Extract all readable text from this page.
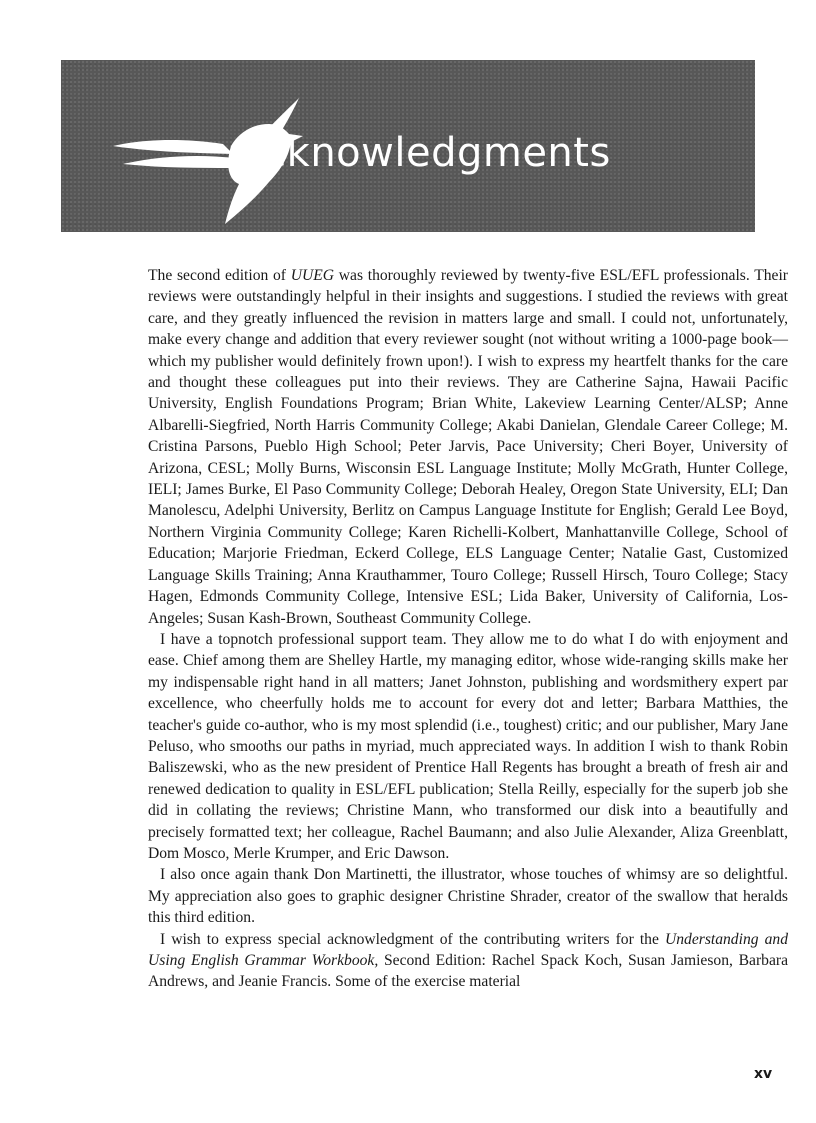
Acknowledgments

The second edition of UUEG was thoroughly reviewed by twenty-five ESL/EFL professionals. Their reviews were outstandingly helpful in their insights and suggestions. I studied the reviews with great care, and they greatly influenced the revision in matters large and small. I could not, unfortunately, make every change and addition that every reviewer sought (not without writing a 1000-page book—which my publisher would definitely frown upon!). I wish to express my heartfelt thanks for the care and thought these colleagues put into their reviews. They are Catherine Sajna, Hawaii Pacific University, English Foundations Program; Brian White, Lakeview Learning Center/ALSP; Anne Albarelli-Siegfried, North Harris Community College; Akabi Danielan, Glendale Career College; M. Cristina Parsons, Pueblo High School; Peter Jarvis, Pace University; Cheri Boyer, University of Arizona, CESL; Molly Burns, Wisconsin ESL Language Institute; Molly McGrath, Hunter College, IELI; James Burke, El Paso Community College; Deborah Healey, Oregon State University, ELI; Dan Manolescu, Adelphi University, Berlitz on Campus Language Institute for English; Gerald Lee Boyd, Northern Virginia Community College; Karen Richelli-Kolbert, Manhattanville College, School of Education; Marjorie Friedman, Eckerd College, ELS Language Center; Natalie Gast, Customized Language Skills Training; Anna Krauthammer, Touro College; Russell Hirsch, Touro College; Stacy Hagen, Edmonds Community College, Intensive ESL; Lida Baker, University of California, Los-Angeles; Susan Kash-Brown, Southeast Community College.

I have a topnotch professional support team. They allow me to do what I do with enjoyment and ease. Chief among them are Shelley Hartle, my managing editor, whose wide-ranging skills make her my indispensable right hand in all matters; Janet Johnston, publishing and wordsmithery expert par excellence, who cheerfully holds me to account for every dot and letter; Barbara Matthies, the teacher's guide co-author, who is my most splendid (i.e., toughest) critic; and our publisher, Mary Jane Peluso, who smooths our paths in myriad, much appreciated ways. In addition I wish to thank Robin Baliszewski, who as the new president of Prentice Hall Regents has brought a breath of fresh air and renewed dedication to quality in ESL/EFL publication; Stella Reilly, especially for the superb job she did in collating the reviews; Christine Mann, who transformed our disk into a beautifully and precisely formatted text; her colleague, Rachel Baumann; and also Julie Alexander, Aliza Greenblatt, Dom Mosco, Merle Krumper, and Eric Dawson.

I also once again thank Don Martinetti, the illustrator, whose touches of whimsy are so delightful. My appreciation also goes to graphic designer Christine Shrader, creator of the swallow that heralds this third edition.

I wish to express special acknowledgment of the contributing writers for the Understanding and Using English Grammar Workbook, Second Edition: Rachel Spack Koch, Susan Jamieson, Barbara Andrews, and Jeanie Francis. Some of the exercise material

xv
